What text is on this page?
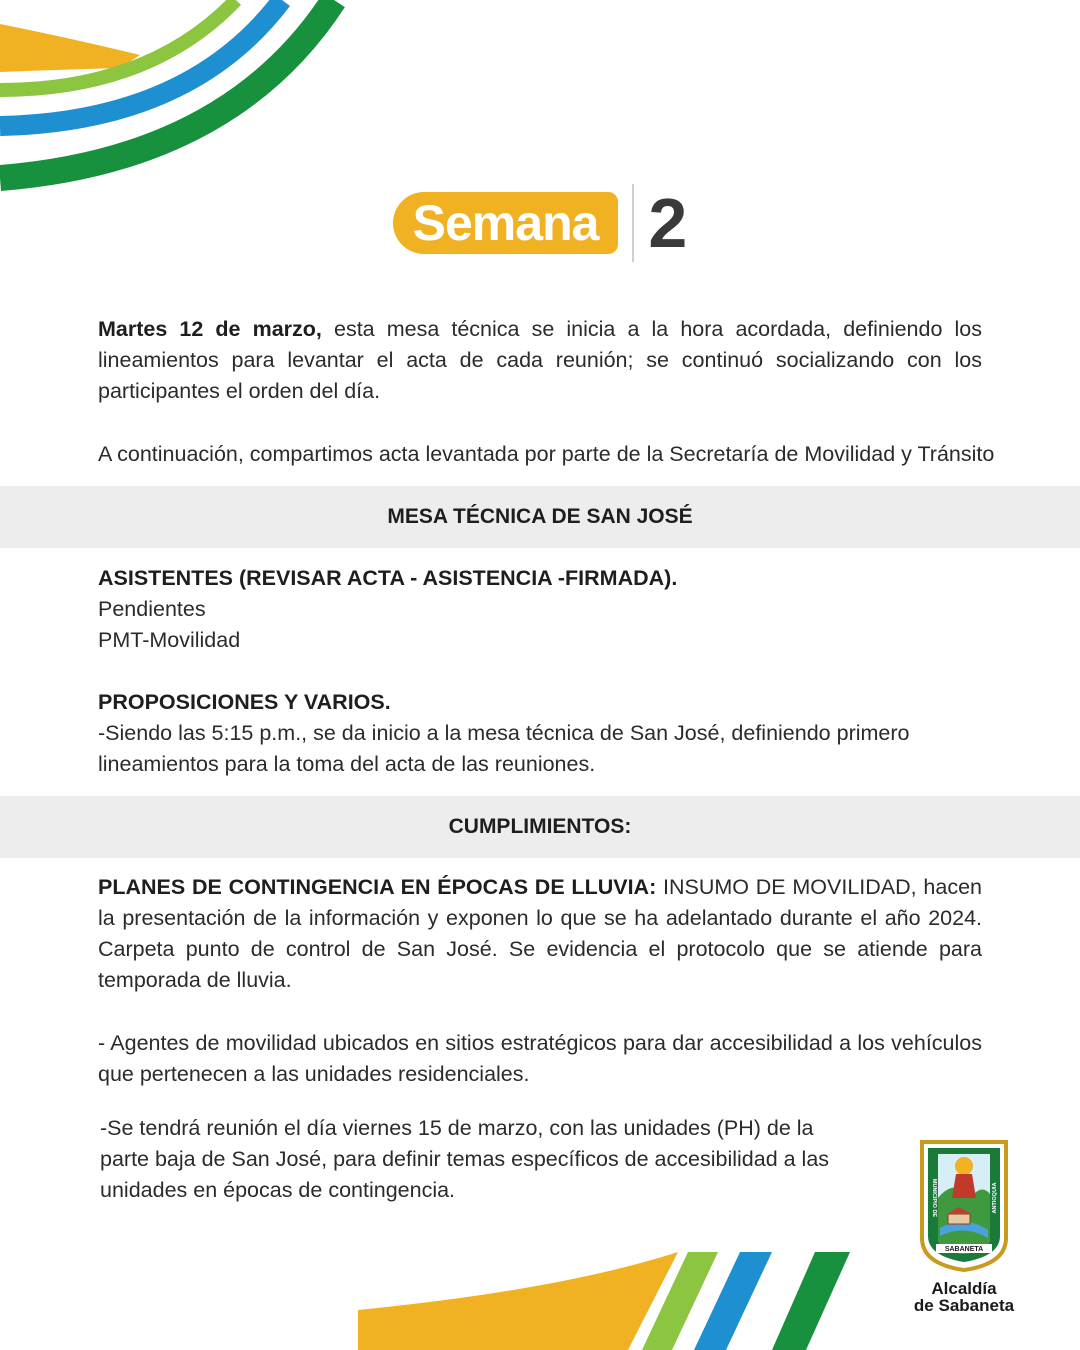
Semana 2
Martes 12 de marzo, esta mesa técnica se inicia a la hora acordada, definiendo los lineamientos para levantar el acta de cada reunión; se continuó socializando con los participantes el orden del día.
A continuación, compartimos acta levantada por parte de la Secretaría de Movilidad y Tránsito
MESA TÉCNICA DE SAN JOSÉ
ASISTENTES (REVISAR ACTA - ASISTENCIA -FIRMADA).
Pendientes
PMT-Movilidad
PROPOSICIONES Y VARIOS.
-Siendo las 5:15 p.m., se da inicio a la mesa técnica de San José, definiendo primero lineamientos para la toma del acta de las reuniones.
CUMPLIMIENTOS:
PLANES DE CONTINGENCIA EN ÉPOCAS DE LLUVIA: INSUMO DE MOVILIDAD, hacen la presentación de la información y exponen lo que se ha adelantado durante el año 2024. Carpeta punto de control de San José. Se evidencia el protocolo que se atiende para temporada de lluvia.
- Agentes de movilidad ubicados en sitios estratégicos para dar accesibilidad a los vehículos que pertenecen a las unidades residenciales.
-Se tendrá reunión el día viernes 15 de marzo, con las unidades (PH) de la parte baja de San José, para definir temas específicos de accesibilidad a las unidades en épocas de contingencia.
SABANETA
MUNICIPIO DE	ANTIOQUIA
Alcaldía
de Sabaneta
